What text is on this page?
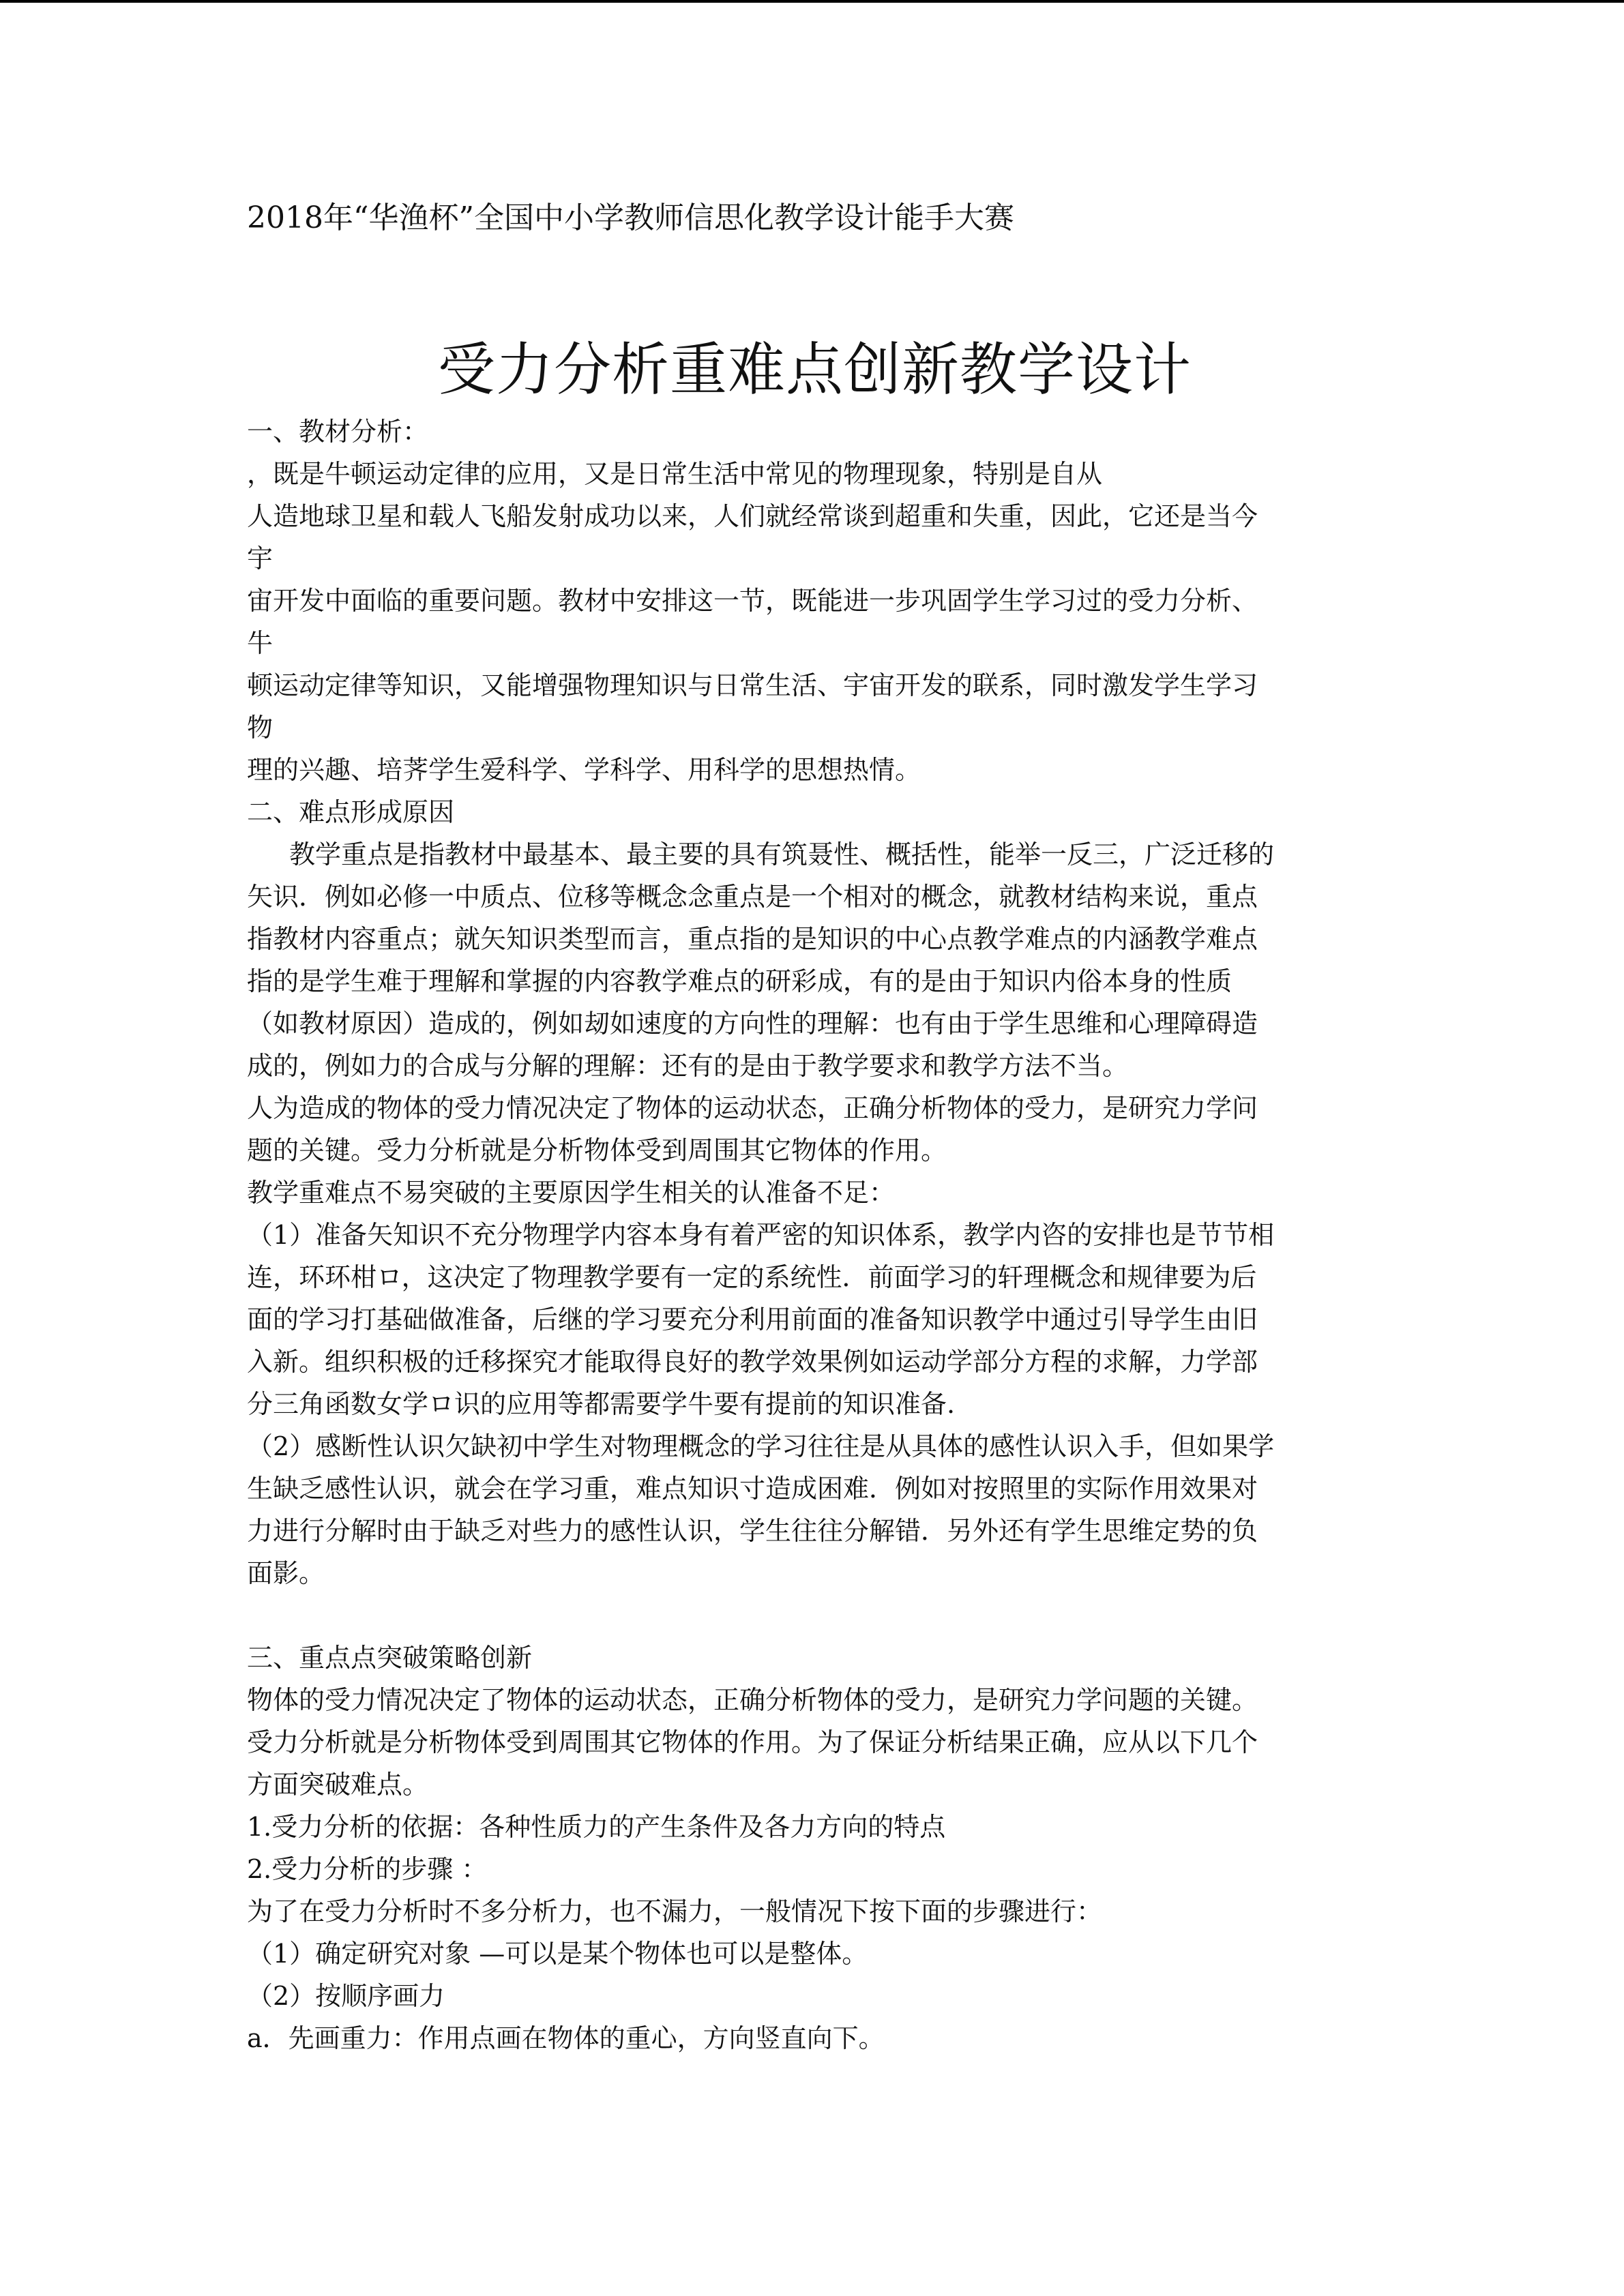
2018年“华渔杯”全国中小学教师信思化教学设计能手大赛
受力分析重难点创新教学设计
一、教材分析：
，既是牛顿运动定律的应用，又是日常生活中常见的物理现象，特别是自从
人造地球卫星和载人飞船发射成功以来，人们就经常谈到超重和失重，因此，它还是当今
宇
宙开发中面临的重要问题。教材中安排这一节，既能进一步巩固学生学习过的受力分析、
牛
顿运动定律等知识，又能增强物理知识与日常生活、宇宙开发的联系，同时激发学生学习
物
理的兴趣、培荠学生爱科学、学科学、用科学的思想热情。
二、难点形成原因
教学重点是指教材中最基本、最主要的具有筑聂性、概括性，能举一反三，广泛迁移的
矢识．例如必修一中质点、位移等概念念重点是一个相对的概念，就教材结构来说，重点
指教材内容重点；就矢知识类型而言，重点指的是知识的中心点教学难点的内涵教学难点
指的是学生难于理解和掌握的内容教学难点的研彩成，有的是由于知识内俗本身的性质
（如教材原因）造成的，例如刼如速度的方向性的理解：也有由于学生思维和心理障碍造
成的，例如力的合成与分解的理解：还有的是由于教学要求和教学方法不当。
人为造成的物体的受力情况决定了物体的运动状态，正确分析物体的受力，是研究力学问
题的关键。受力分析就是分析物体受到周围其它物体的作用。
教学重难点不易突破的主要原因学生相关的认准备不足：
（1）准备矢知识不充分物理学内容本身有着严密的知识体系，教学内咨的安排也是节节相
连，环环柑ロ，这决定了物理教学要有一定的系统性．前面学习的轩理概念和规律要为后
面的学习打基础做准备，后继的学习要充分利用前面的准备知识教学中通过引导学生由旧
入新。组织积极的迁移探究才能取得良好的教学效果例如运动学部分方程的求解，力学部
分三角函数女学ロ识的应用等都需要学牛要有提前的知识准备.
（2）感断性认识欠缺初中学生对物理概念的学习往往是从具体的感性认识入手，但如果学
生缺乏感性认识，就会在学习重，难点知识寸造成困难．例如对按照里的实际作用效果对
力进行分解时由于缺乏对些力的感性认识，学生往往分解错．另外还有学生思维定势的负
面影。
三、重点点突破策略创新
物体的受力情况决定了物体的运动状态，正确分析物体的受力，是研究力学问题的关键。
受力分析就是分析物体受到周围其它物体的作用。为了保证分析结果正确，应从以下几个
方面突破难点。
1.受力分析的依据：各种性质力的产生条件及各力方向的特点
2.受力分析的步骤 ：
为了在受力分析时不多分析力，也不漏力，一般情况下按下面的步骤进行：
（1）确定研究对象 —可以是某个物体也可以是整体。
（2）按顺序画力
a．先画重力：作用点画在物体的重心，方向竖直向下。
